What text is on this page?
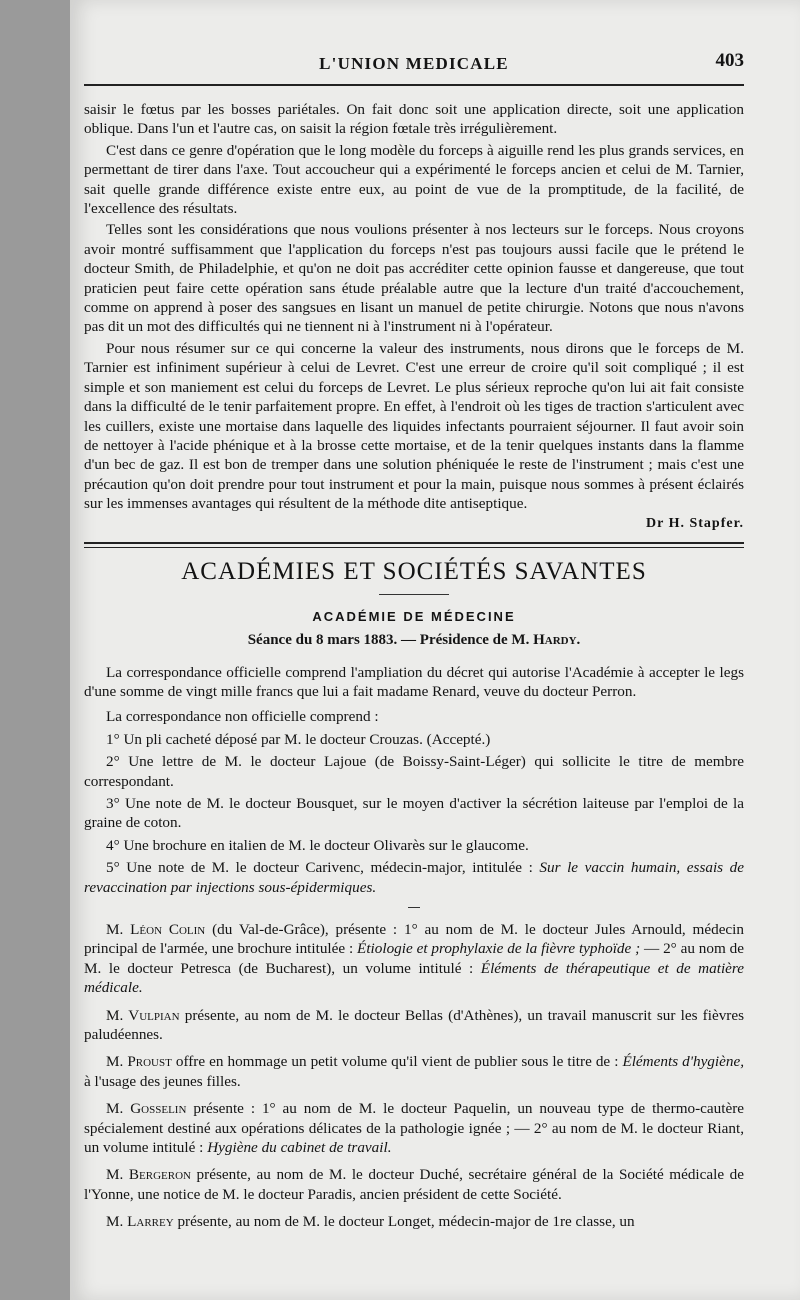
L'UNION MEDICALE	403

saisir le fœtus par les bosses pariétales. On fait donc soit une application directe, soit une application oblique. Dans l'un et l'autre cas, on saisit la région fœtale très irrégulièrement.

C'est dans ce genre d'opération que le long modèle du forceps à aiguille rend les plus grands services, en permettant de tirer dans l'axe. Tout accoucheur qui a expérimenté le forceps ancien et celui de M. Tarnier, sait quelle grande différence existe entre eux, au point de vue de la promptitude, de la facilité, de l'excellence des résultats.

Telles sont les considérations que nous voulions présenter à nos lecteurs sur le forceps. Nous croyons avoir montré suffisamment que l'application du forceps n'est pas toujours aussi facile que le prétend le docteur Smith, de Philadelphie, et qu'on ne doit pas accréditer cette opinion fausse et dangereuse, que tout praticien peut faire cette opération sans étude préalable autre que la lecture d'un traité d'accouchement, comme on apprend à poser des sangsues en lisant un manuel de petite chirurgie. Notons que nous n'avons pas dit un mot des difficultés qui ne tiennent ni à l'instrument ni à l'opérateur.

Pour nous résumer sur ce qui concerne la valeur des instruments, nous dirons que le forceps de M. Tarnier est infiniment supérieur à celui de Levret. C'est une erreur de croire qu'il soit compliqué ; il est simple et son maniement est celui du forceps de Levret. Le plus sérieux reproche qu'on lui ait fait consiste dans la difficulté de le tenir parfaitement propre. En effet, à l'endroit où les tiges de traction s'articulent avec les cuillers, existe une mortaise dans laquelle des liquides infectants pourraient séjourner. Il faut avoir soin de nettoyer à l'acide phénique et à la brosse cette mortaise, et de la tenir quelques instants dans la flamme d'un bec de gaz. Il est bon de tremper dans une solution phéniquée le reste de l'instrument ; mais c'est une précaution qu'on doit prendre pour tout instrument et pour la main, puisque nous sommes à présent éclairés sur les immenses avantages qui résultent de la méthode dite antiseptique.

Dr H. Stapfer.
ACADÉMIES ET SOCIÉTÉS SAVANTES
ACADÉMIE DE MÉDECINE
Séance du 8 mars 1883. — Présidence de M. Hardy.

La correspondance officielle comprend l'ampliation du décret qui autorise l'Académie à accepter le legs d'une somme de vingt mille francs que lui a fait madame Renard, veuve du docteur Perron.

La correspondance non officielle comprend :

1° Un pli cacheté déposé par M. le docteur Crouzas. (Accepté.)

2° Une lettre de M. le docteur Lajoue (de Boissy-Saint-Léger) qui sollicite le titre de membre correspondant.

3° Une note de M. le docteur Bousquet, sur le moyen d'activer la sécrétion laiteuse par l'emploi de la graine de coton.

4° Une brochure en italien de M. le docteur Olivarès sur le glaucome.

5° Une note de M. le docteur Carivenc, médecin-major, intitulée : Sur le vaccin humain, essais de revaccination par injections sous-épidermiques.

M. Léon Colin (du Val-de-Grâce), présente : 1° au nom de M. le docteur Jules Arnould, médecin principal de l'armée, une brochure intitulée : Étiologie et prophylaxie de la fièvre typhoïde ; — 2° au nom de M. le docteur Petresca (de Bucharest), un volume intitulé : Éléments de thérapeutique et de matière médicale.

M. Vulpian présente, au nom de M. le docteur Bellas (d'Athènes), un travail manuscrit sur les fièvres paludéennes.

M. Proust offre en hommage un petit volume qu'il vient de publier sous le titre de : Éléments d'hygiène, à l'usage des jeunes filles.

M. Gosselin présente : 1° au nom de M. le docteur Paquelin, un nouveau type de thermo-cautère spécialement destiné aux opérations délicates de la pathologie ignée ; — 2° au nom de M. le docteur Riant, un volume intitulé : Hygiène du cabinet de travail.

M. Bergeron présente, au nom de M. le docteur Duché, secrétaire général de la Société médicale de l'Yonne, une notice de M. le docteur Paradis, ancien président de cette Société.

M. Larrey présente, au nom de M. le docteur Longet, médecin-major de 1re classe, un
